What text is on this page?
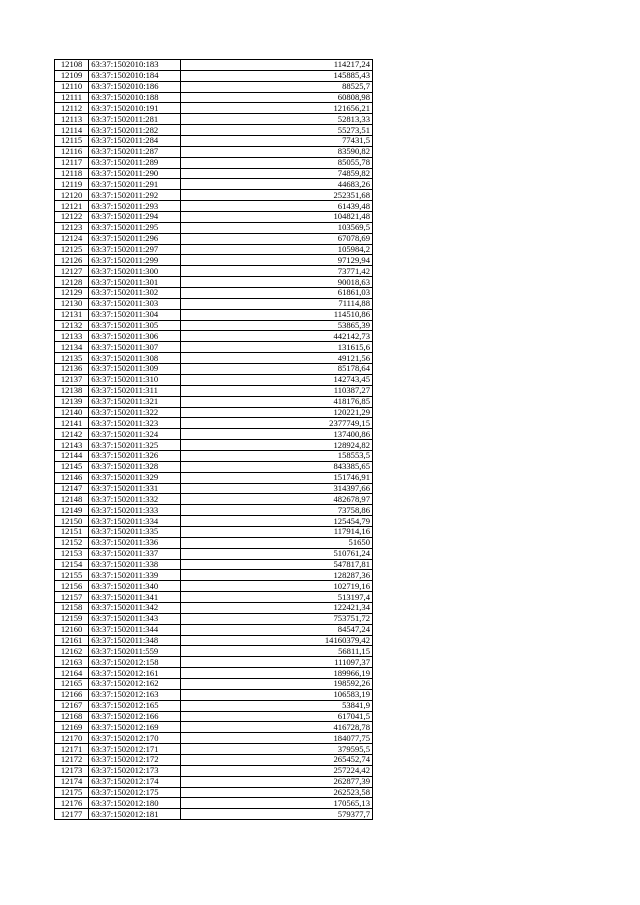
12108	63:37:1502010:183	114217,24
12109	63:37:1502010:184	145885,43
12110	63:37:1502010:186	88525,7
12111	63:37:1502010:188	60808,98
12112	63:37:1502010:191	121656,21
12113	63:37:1502011:281	52813,33
12114	63:37:1502011:282	55273,51
12115	63:37:1502011:284	77431,5
12116	63:37:1502011:287	83590,82
12117	63:37:1502011:289	85055,78
12118	63:37:1502011:290	74859,82
12119	63:37:1502011:291	44683,26
12120	63:37:1502011:292	252351,68
12121	63:37:1502011:293	61439,48
12122	63:37:1502011:294	104821,48
12123	63:37:1502011:295	103569,5
12124	63:37:1502011:296	67078,69
12125	63:37:1502011:297	105984,2
12126	63:37:1502011:299	97129,94
12127	63:37:1502011:300	73771,42
12128	63:37:1502011:301	90018,63
12129	63:37:1502011:302	61861,03
12130	63:37:1502011:303	71114,88
12131	63:37:1502011:304	114510,86
12132	63:37:1502011:305	53865,39
12133	63:37:1502011:306	442142,73
12134	63:37:1502011:307	131615,6
12135	63:37:1502011:308	49121,56
12136	63:37:1502011:309	85178,64
12137	63:37:1502011:310	142743,45
12138	63:37:1502011:311	110387,27
12139	63:37:1502011:321	418176,85
12140	63:37:1502011:322	120221,29
12141	63:37:1502011:323	2377749,15
12142	63:37:1502011:324	137400,86
12143	63:37:1502011:325	128924,82
12144	63:37:1502011:326	158553,5
12145	63:37:1502011:328	843385,65
12146	63:37:1502011:329	151746,91
12147	63:37:1502011:331	314397,66
12148	63:37:1502011:332	482678,97
12149	63:37:1502011:333	73758,86
12150	63:37:1502011:334	125454,79
12151	63:37:1502011:335	117914,16
12152	63:37:1502011:336	51650
12153	63:37:1502011:337	510761,24
12154	63:37:1502011:338	547817,81
12155	63:37:1502011:339	128287,36
12156	63:37:1502011:340	102719,16
12157	63:37:1502011:341	513197,4
12158	63:37:1502011:342	122421,34
12159	63:37:1502011:343	753751,72
12160	63:37:1502011:344	84547,24
12161	63:37:1502011:348	14160379,42
12162	63:37:1502011:559	56811,15
12163	63:37:1502012:158	111097,37
12164	63:37:1502012:161	189966,19
12165	63:37:1502012:162	198592,26
12166	63:37:1502012:163	106583,19
12167	63:37:1502012:165	53841,9
12168	63:37:1502012:166	617041,5
12169	63:37:1502012:169	416728,78
12170	63:37:1502012:170	184077,75
12171	63:37:1502012:171	379595,5
12172	63:37:1502012:172	265452,74
12173	63:37:1502012:173	257224,42
12174	63:37:1502012:174	262877,39
12175	63:37:1502012:175	262523,58
12176	63:37:1502012:180	170565,13
12177	63:37:1502012:181	579377,7
